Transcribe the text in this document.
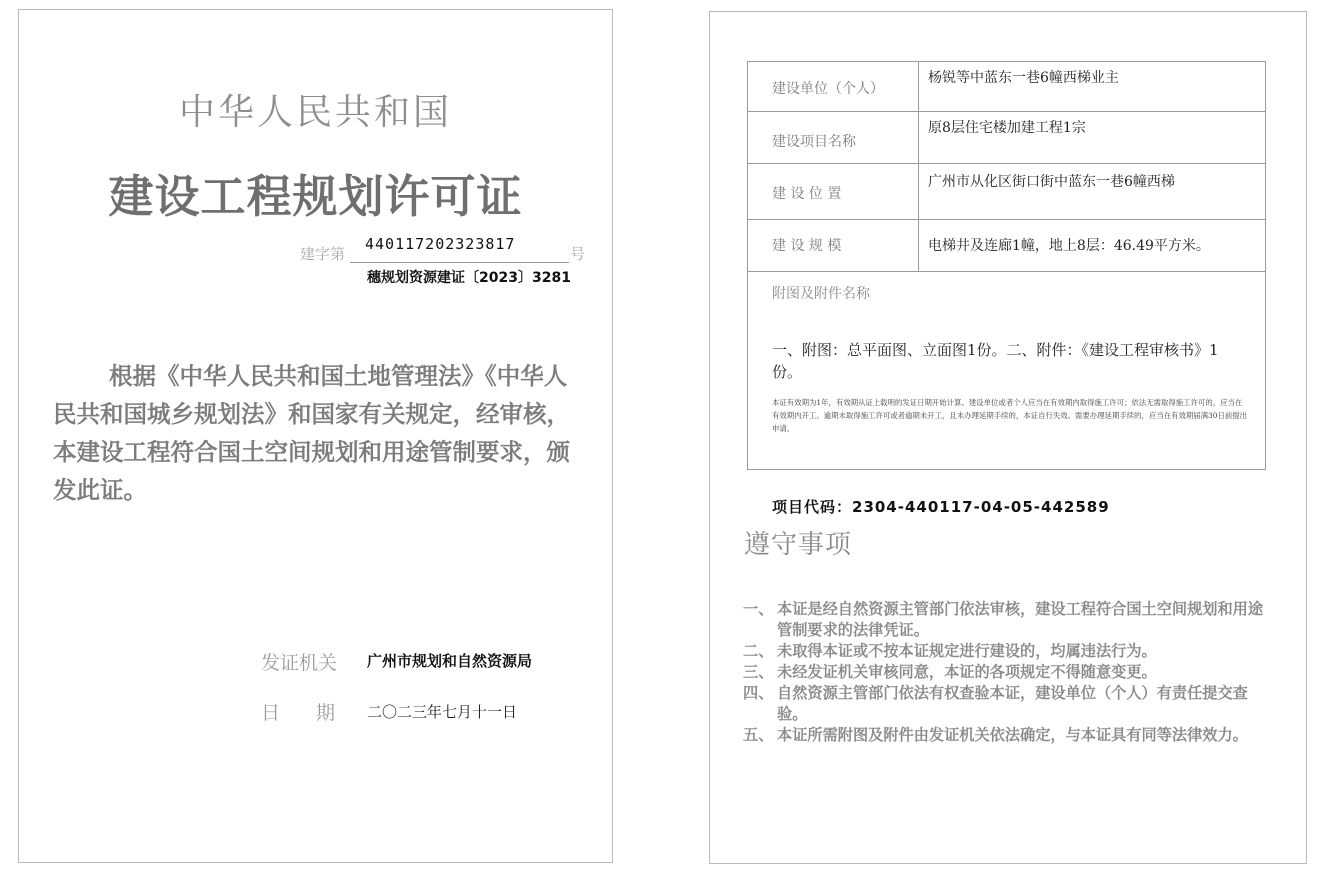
中华人民共和国
建设工程规划许可证
建字第
440117202323817
号
穗规划资源建证〔2023〕3281
根据《中华人民共和国土地管理法》《中华人民共和国城乡规划法》和国家有关规定，经审核，本建设工程符合国土空间规划和用途管制要求，颁发此证。
发证机关 广州市规划和自然资源局
日期
二〇二三年七月十一日
建设单位（个人）
杨锐等中蓝东一巷6幢西梯业主
建设项目名称
原8层住宅楼加建工程1宗
建 设 位 置
广州市从化区街口街中蓝东一巷6幢西梯
建 设 规 模	电梯井及连廊1幢，地上8层：46.49平方米。
附图及附件名称
一、附图：总平面图、立面图1份。二、附件：《建设工程审核书》1份。
本证有效期为1年，有效期从证上载明的发证日期开始计算。建设单位或者个人应当在有效期内取得施工许可；依法无需取得施工许可的，应当在有效期内开工。逾期未取得施工许可或者逾期未开工，且未办理延期手续的，本证自行失效。需要办理延期手续的，应当在有效期届满30日前提出申请。
项目代码：2304-440117-04-05-442589
遵守事项
一、 本证是经自然资源主管部门依法审核，建设工程符合国土空间规划和用途管制要求的法律凭证。
二、 未取得本证或不按本证规定进行建设的，均属违法行为。
三、 未经发证机关审核同意，本证的各项规定不得随意变更。
四、 自然资源主管部门依法有权查验本证，建设单位（个人）有责任提交查验。
五、 本证所需附图及附件由发证机关依法确定，与本证具有同等法律效力。
